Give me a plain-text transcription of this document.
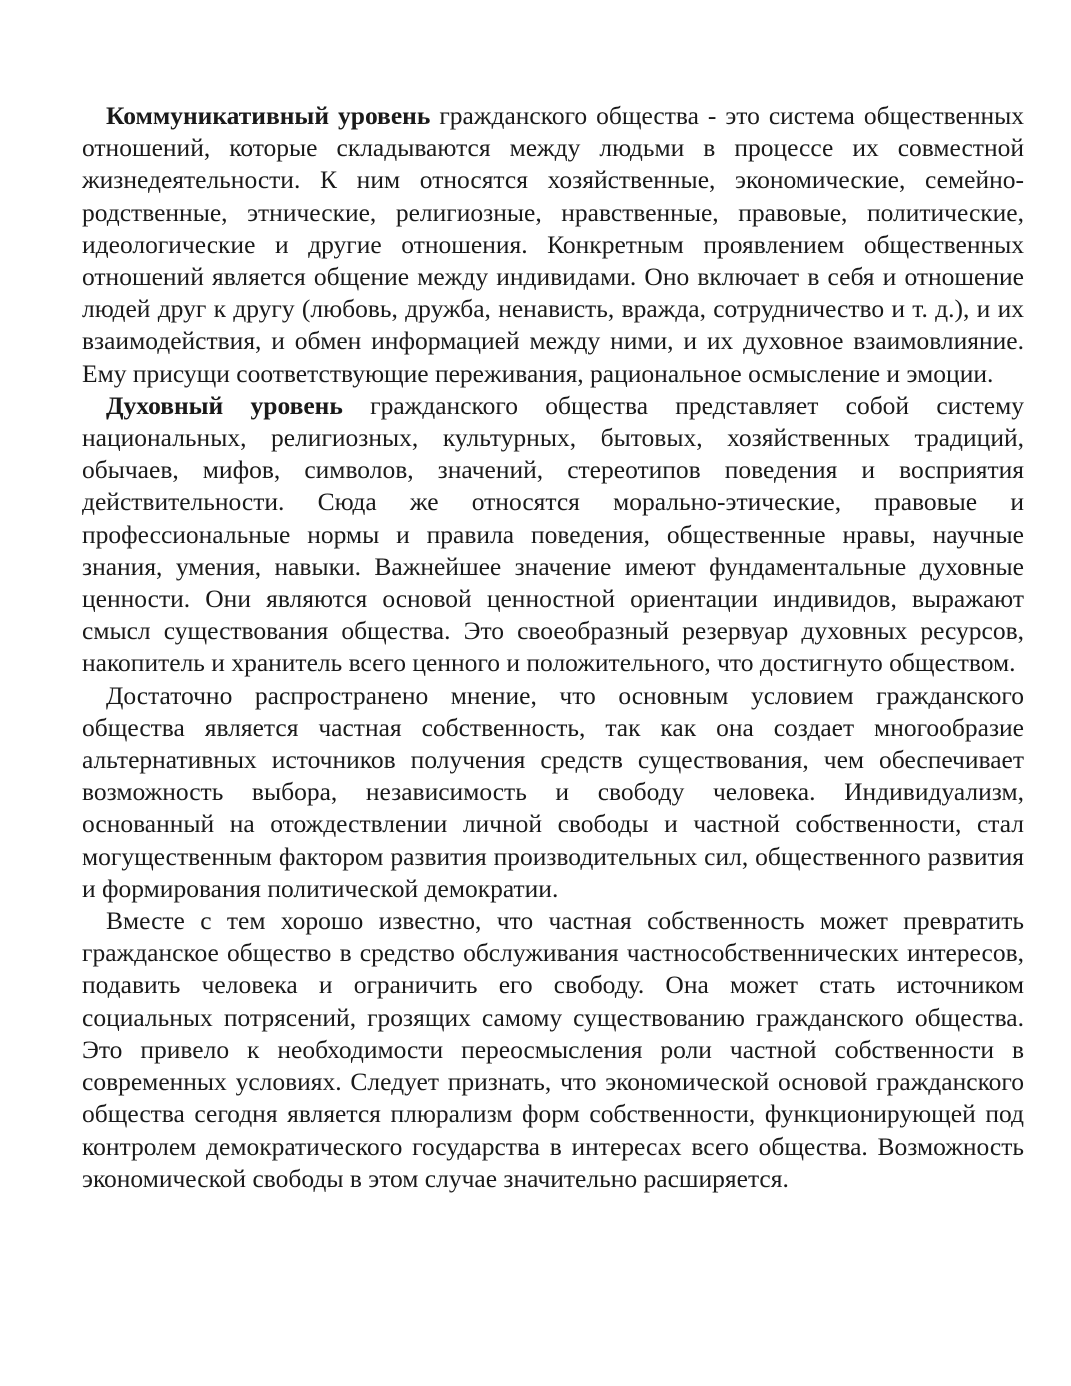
Коммуникативный уровень гражданского общества - это система общественных отношений, которые складываются между людьми в процессе их совместной жизнедеятельности. К ним относятся хозяйственные, экономические, семейно-родственные, этнические, религиозные, нравственные, правовые, политические, идеологические и другие отношения. Конкретным проявлением общественных отношений является общение между индивидами. Оно включает в себя и отношение людей друг к другу (любовь, дружба, ненависть, вражда, сотрудничество и т. д.), и их взаимодействия, и обмен информацией между ними, и их духовное взаимовлияние. Ему присущи соответствующие переживания, рациональное осмысление и эмоции.

Духовный уровень гражданского общества представляет собой систему национальных, религиозных, культурных, бытовых, хозяйственных традиций, обычаев, мифов, символов, значений, стереотипов поведения и восприятия действительности. Сюда же относятся морально-этические, правовые и профессиональные нормы и правила поведения, общественные нравы, научные знания, умения, навыки. Важнейшее значение имеют фундаментальные духовные ценности. Они являются основой ценностной ориентации индивидов, выражают смысл существования общества. Это своеобразный резервуар духовных ресурсов, накопитель и хранитель всего ценного и положительного, что достигнуто обществом.

Достаточно распространено мнение, что основным условием гражданского общества является частная собственность, так как она создает многообразие альтернативных источников получения средств существования, чем обеспечивает возможность выбора, независимость и свободу человека. Индивидуализм, основанный на отождествлении личной свободы и частной собственности, стал могущественным фактором развития производительных сил, общественного развития и формирования политической демократии.

Вместе с тем хорошо известно, что частная собственность может превратить гражданское общество в средство обслуживания частнособственнических интересов, подавить человека и ограничить его свободу. Она может стать источником социальных потрясений, грозящих самому существованию гражданского общества. Это привело к необходимости переосмысления роли частной собственности в современных условиях. Следует признать, что экономической основой гражданского общества сегодня является плюрализм форм собственности, функционирующей под контролем демократического государства в интересах всего общества. Возможность экономической свободы в этом случае значительно расширяется.
